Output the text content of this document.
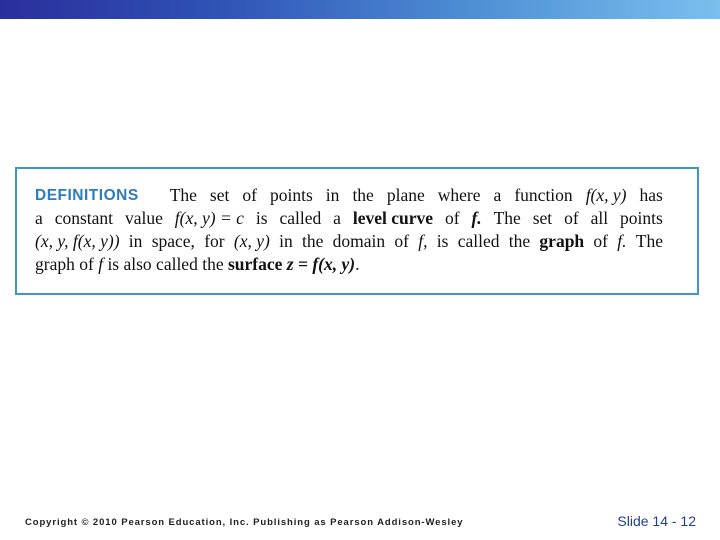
DEFINITIONS The set of points in the plane where a function f(x, y) has
a constant value f(x, y) = c is called a level curve of f. The set of all points
(x, y, f(x, y)) in space, for (x, y) in the domain of f, is called the graph of f. The
graph of f is also called the surface
z = f(x, y) .
Copyright © 2010 Pearson Education, Inc. Publishing as Pearson Addison-Wesley	Slide 14 - 12
